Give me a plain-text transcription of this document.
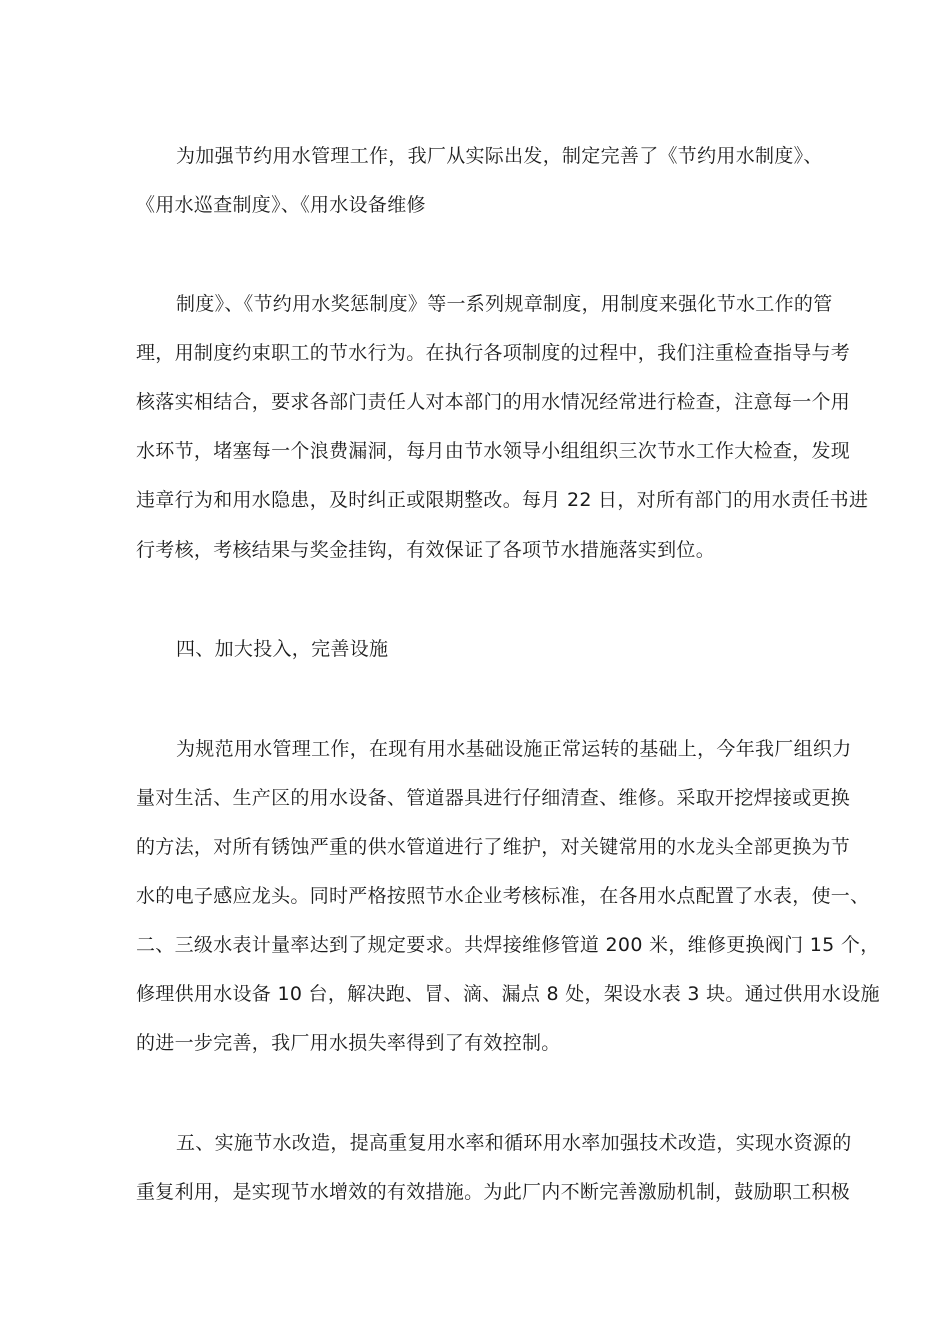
为加强节约用水管理工作，我厂从实际出发，制定完善了《节约用水制度》、
《用水巡查制度》、《用水设备维修
制度》、《节约用水奖惩制度》等一系列规章制度，用制度来强化节水工作的管
理，用制度约束职工的节水行为。在执行各项制度的过程中，我们注重检查指导与考
核落实相结合，要求各部门责任人对本部门的用水情况经常进行检查，注意每一个用
水环节，堵塞每一个浪费漏洞，每月由节水领导小组组织三次节水工作大检查，发现
违章行为和用水隐患，及时纠正或限期整改。每月 22 日，对所有部门的用水责任书进
行考核，考核结果与奖金挂钩，有效保证了各项节水措施落实到位。
四、加大投入，完善设施
为规范用水管理工作，在现有用水基础设施正常运转的基础上，今年我厂组织力
量对生活、生产区的用水设备、管道器具进行仔细清查、维修。采取开挖焊接或更换
的方法，对所有锈蚀严重的供水管道进行了维护，对关键常用的水龙头全部更换为节
水的电子感应龙头。同时严格按照节水企业考核标准，在各用水点配置了水表，使一、
二、三级水表计量率达到了规定要求。共焊接维修管道 200 米，维修更换阀门 15 个，
修理供用水设备 10 台，解决跑、冒、滴、漏点 8 处，架设水表 3 块。通过供用水设施
的进一步完善，我厂用水损失率得到了有效控制。
五、实施节水改造，提高重复用水率和循环用水率加强技术改造，实现水资源的
重复利用，是实现节水增效的有效措施。为此厂内不断完善激励机制，鼓励职工积极
